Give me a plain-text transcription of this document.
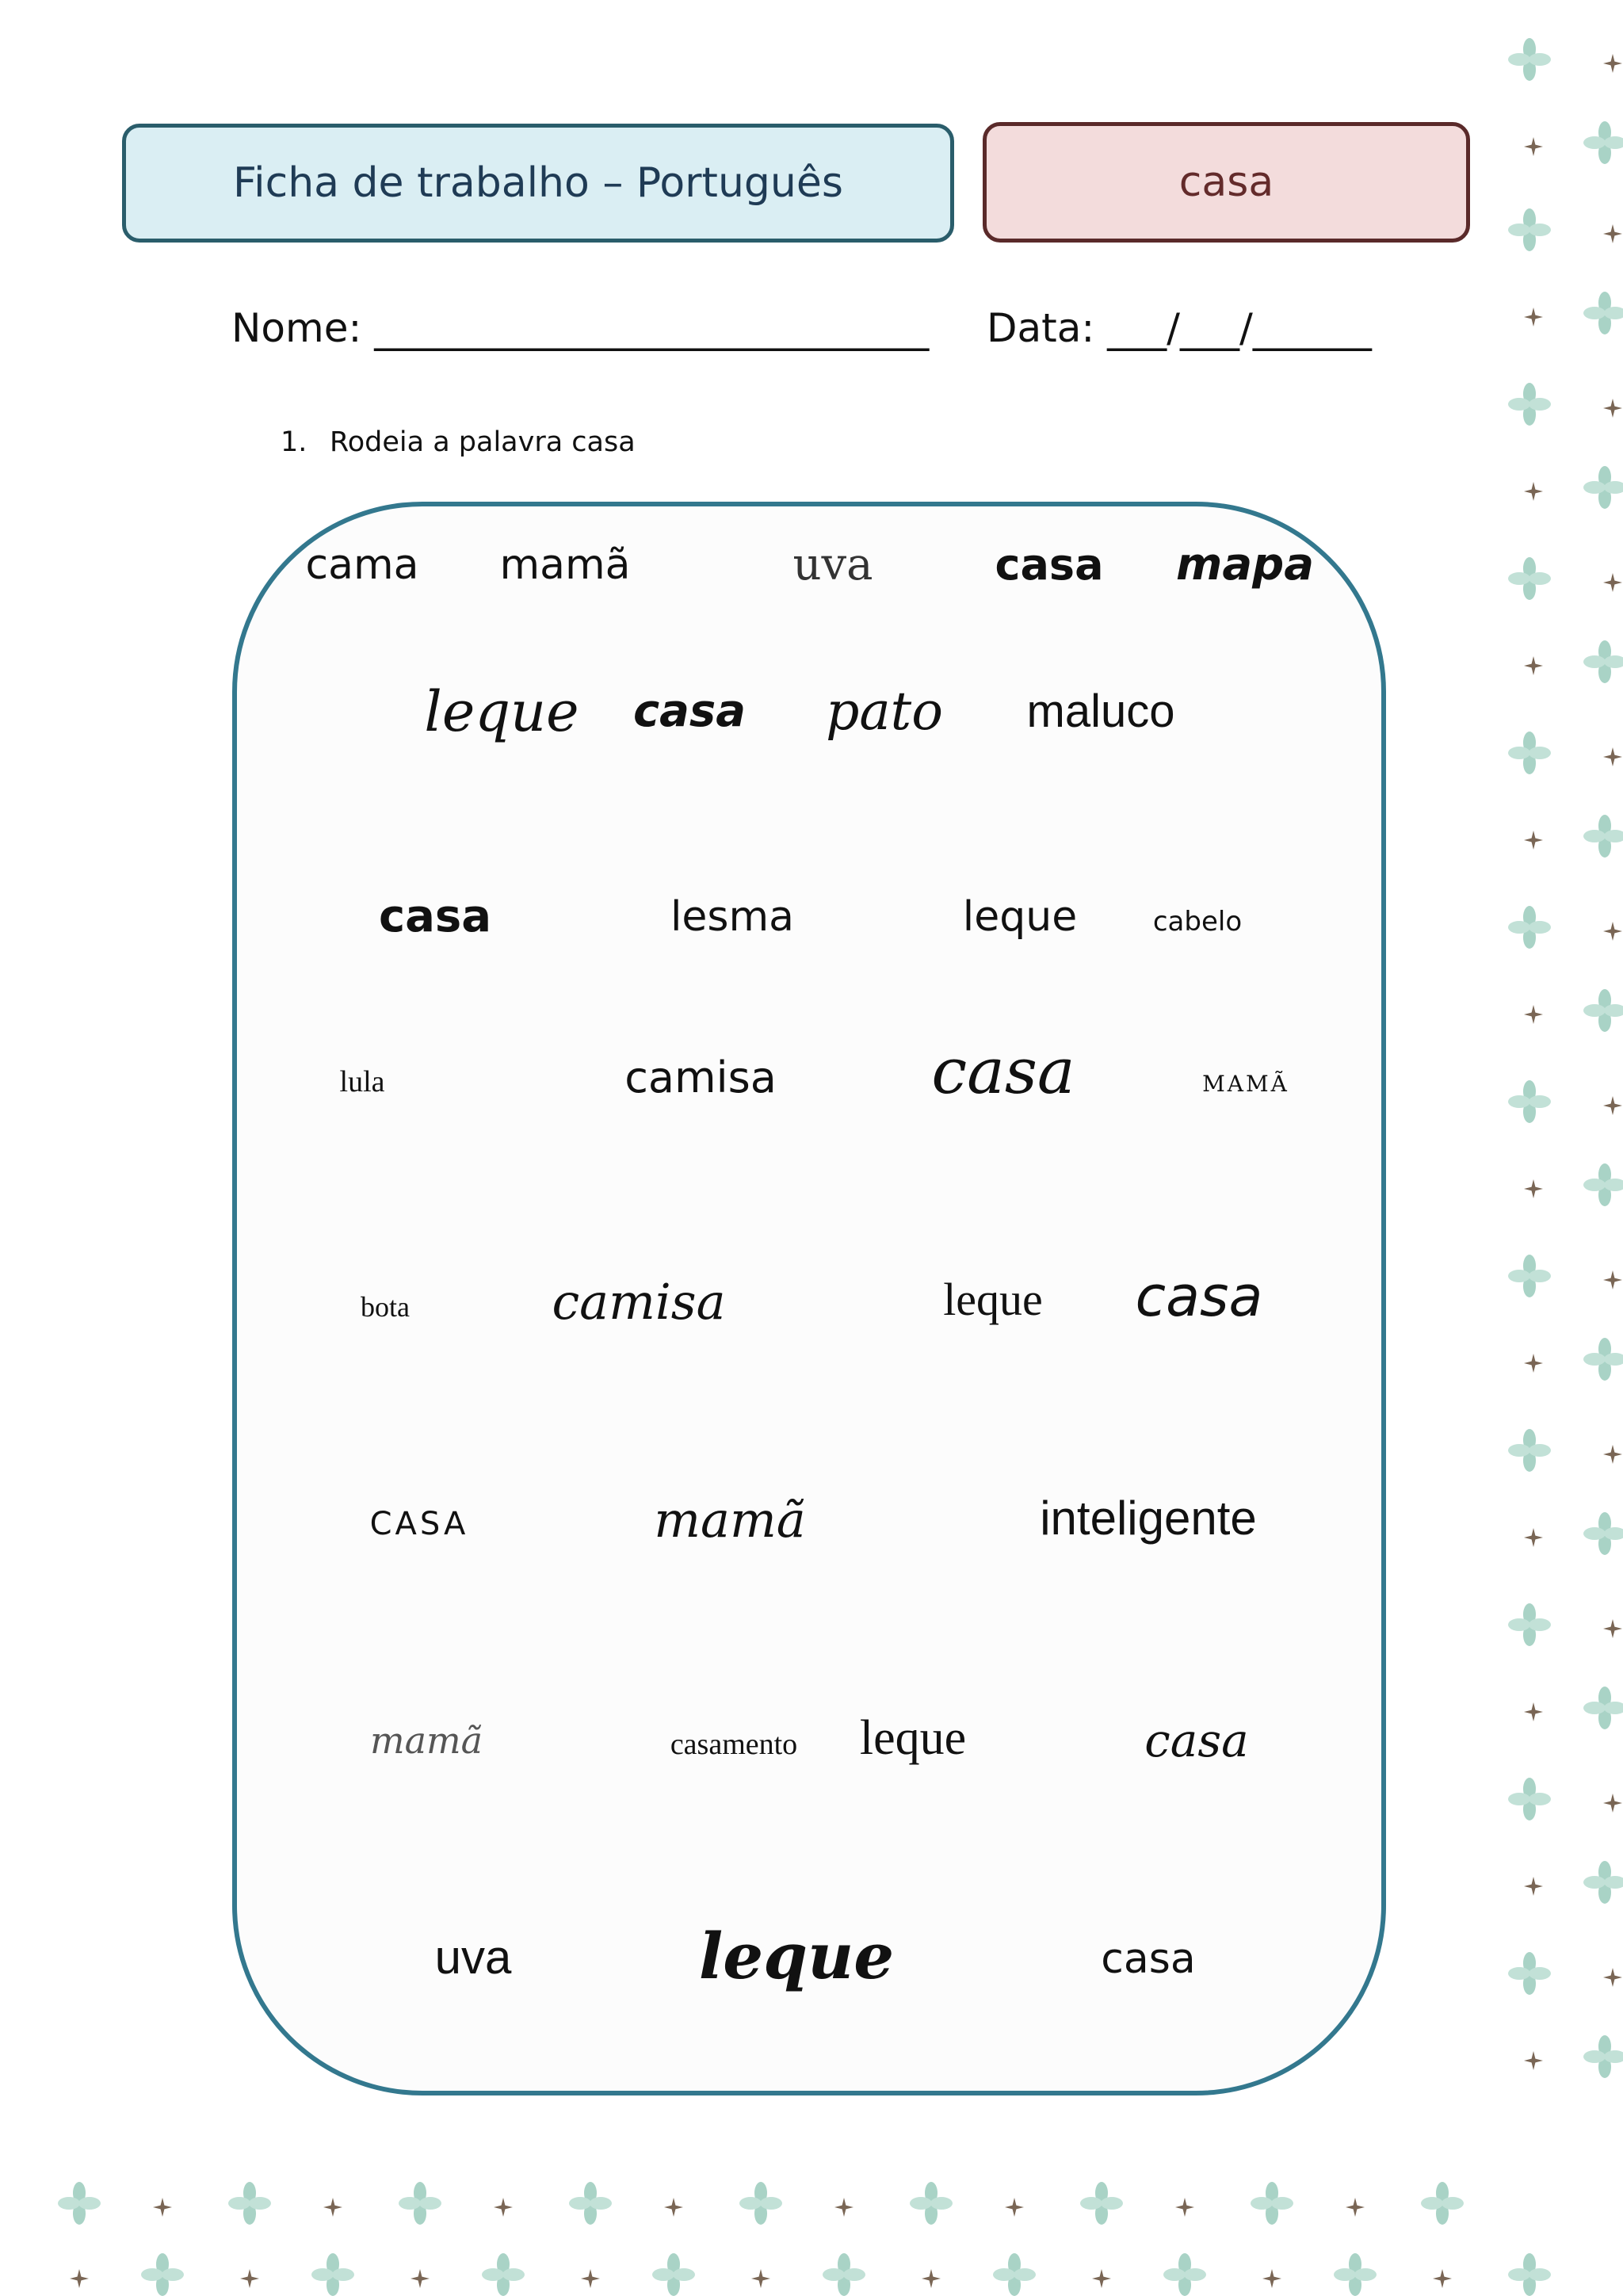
Ficha de trabalho – Português	casa
Nome: ____________________________ Data: ___/___/______
1. Rodeia a palavra casa
cama mamã	uva	casa mapa
leque casa pato maluco
casa	lesma	leque	cabelo
lula	camisa casa	MAMÃ
bota	camisa	leque casa
CASA	mamã	inteligente
mamã	casamento leque	casa
uva	leque	casa
